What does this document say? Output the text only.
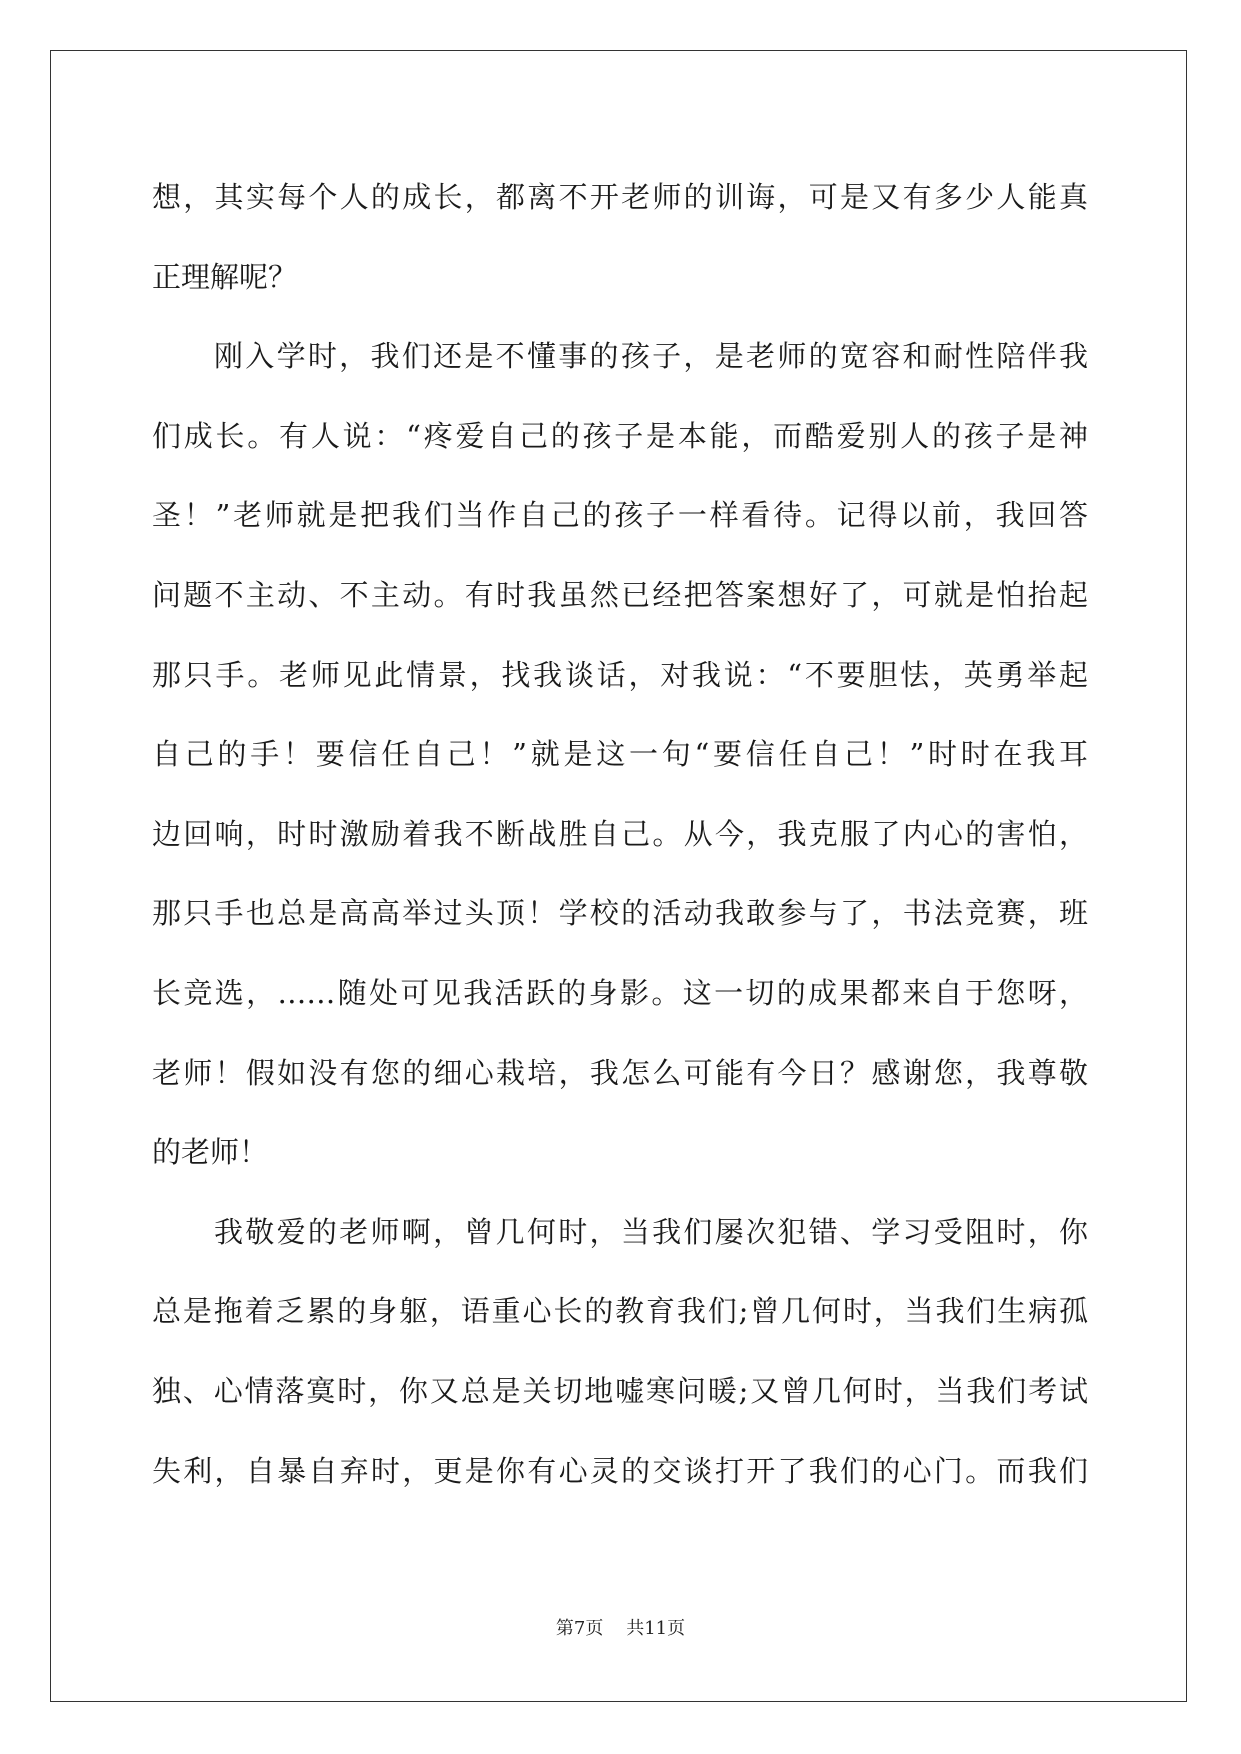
想，其实每个人的成长，都离不开老师的训诲，可是又有多少人能真
正理解呢？
刚入学时，我们还是不懂事的孩子，是老师的宽容和耐性陪伴我
们成长。有人说：“疼爱自己的孩子是本能，而酷爱别人的孩子是神
圣！”老师就是把我们当作自己的孩子一样看待。记得以前，我回答
问题不主动、不主动。有时我虽然已经把答案想好了，可就是怕抬起
那只手。老师见此情景，找我谈话，对我说：“不要胆怯，英勇举起
自己的手！要信任自己！”就是这一句“要信任自己！”时时在我耳
边回响，时时激励着我不断战胜自己。从今，我克服了内心的害怕，
那只手也总是高高举过头顶！学校的活动我敢参与了，书法竞赛，班
长竞选，……随处可见我活跃的身影。这一切的成果都来自于您呀，
老师！假如没有您的细心栽培，我怎么可能有今日？感谢您，我尊敬
的老师！
我敬爱的老师啊，曾几何时，当我们屡次犯错、学习受阻时，你
总是拖着乏累的身躯，语重心长的教育我们;曾几何时，当我们生病孤
独、心情落寞时，你又总是关切地嘘寒问暖;又曾几何时，当我们考试
失利，自暴自弃时，更是你有心灵的交谈打开了我们的心门。而我们
第7页 共11页
